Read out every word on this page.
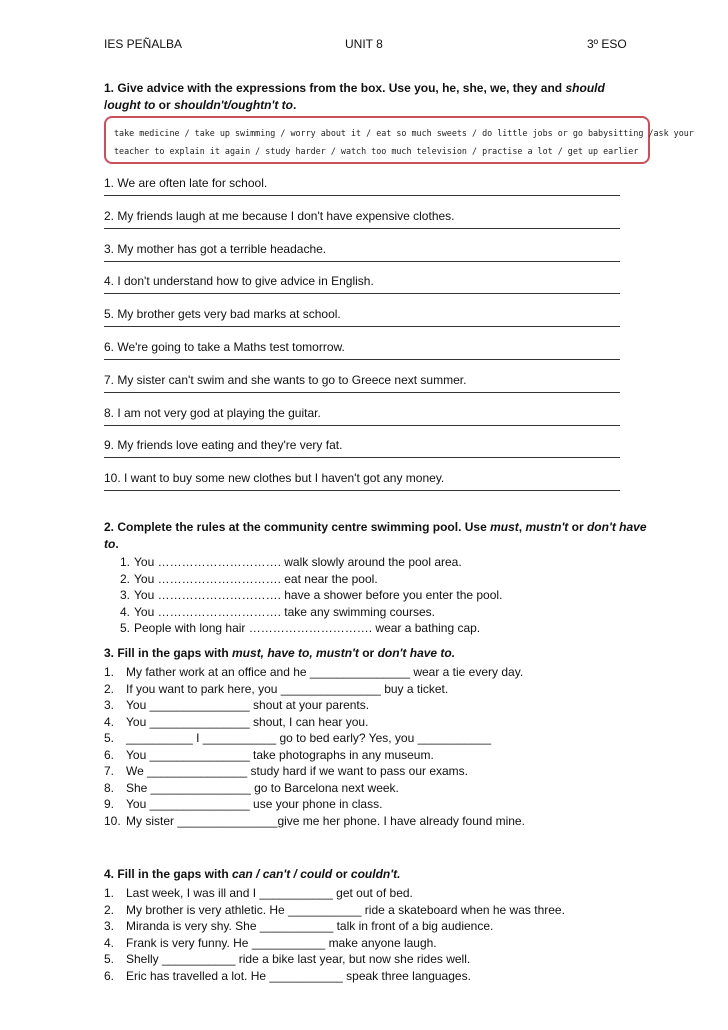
IES PEÑALBA	UNIT 8	3º ESO
1. Give advice with the expressions from the box. Use you, he, she, we, they and should
/ought to or shouldn't/oughtn't to.
take medicine / take up swimming / worry about it / eat so much sweets / do little jobs or go babysitting /ask your
teacher to explain it again / study harder / watch too much television / practise a lot / get up earlier
1. We are often late for school.
2. My friends laugh at me because I don't have expensive clothes.
3. My mother has got a terrible headache.
4. I don't understand how to give advice in English.
5. My brother gets very bad marks at school.
6. We're going to take a Maths test tomorrow.
7. My sister can't swim and she wants to go to Greece next summer.
8. I am not very god at playing the guitar.
9. My friends love eating and they're very fat.
10. I want to buy some new clothes but I haven't got any money.
2. Complete the rules at the community centre swimming pool. Use must, mustn't or don't have
to.
1. You …………………………. walk slowly around the pool area.
2. You …………………………. eat near the pool.
3. You …………………………. have a shower before you enter the pool.
4. You …………………………. take any swimming courses.
5. People with long hair …………………………. wear a bathing cap.
3. Fill in the gaps with must, have to, mustn't or don't have to.
1. My father work at an office and he _______________ wear a tie every day.
2. If you want to park here, you _______________ buy a ticket.
3. You _______________ shout at your parents.
4. You _______________ shout, I can hear you.
5. __________ I ___________ go to bed early? Yes, you ___________
6. You _______________ take photographs in any museum.
7. We _______________ study hard if we want to pass our exams.
8. She _______________ go to Barcelona next week.
9. You _______________ use your phone in class.
10. My sister _______________give me her phone. I have already found mine.
4. Fill in the gaps with can / can't / could or couldn't.
1. Last week, I was ill and I ___________ get out of bed.
2. My brother is very athletic. He ___________ ride a skateboard when he was three.
3. Miranda is very shy. She ___________ talk in front of a big audience.
4. Frank is very funny. He ___________ make anyone laugh.
5. Shelly ___________ ride a bike last year, but now she rides well.
6. Eric has travelled a lot. He ___________ speak three languages.
